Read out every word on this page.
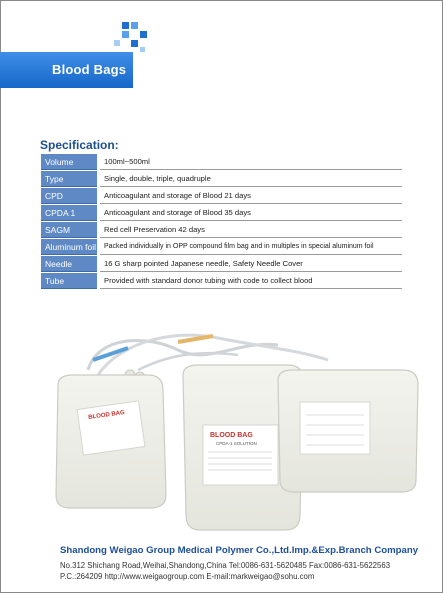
Blood Bags
Specification:
Volume	100ml~500ml
Type	Single, double, triple, quadruple
CPD	Anticoagulant and storage of Blood 21 days
CPDA 1	Anticoagulant and storage of Blood 35 days
SAGM	Red cell Preservation 42 days
Aluminum foil	Packed individually in OPP compound film bag and in multiples in special aluminum foil
Needle	16 G sharp pointed Japanese needle, Safety Needle Cover
Tube	Provided with standard donor tubing with code to collect blood
BLOOD BAG
BLOOD BAG
CPDA-1 SOLUTION
Shandong Weigao Group Medical Polymer Co.,Ltd.Imp.&Exp.Branch Company
No.312 Shichang Road,Weihai,Shandong,China Tel:0086-631-5620485 Fax:0086-631-5622563
P.C.:264209 http://www.weigaogroup.com E-mail:markweigao@sohu.com
